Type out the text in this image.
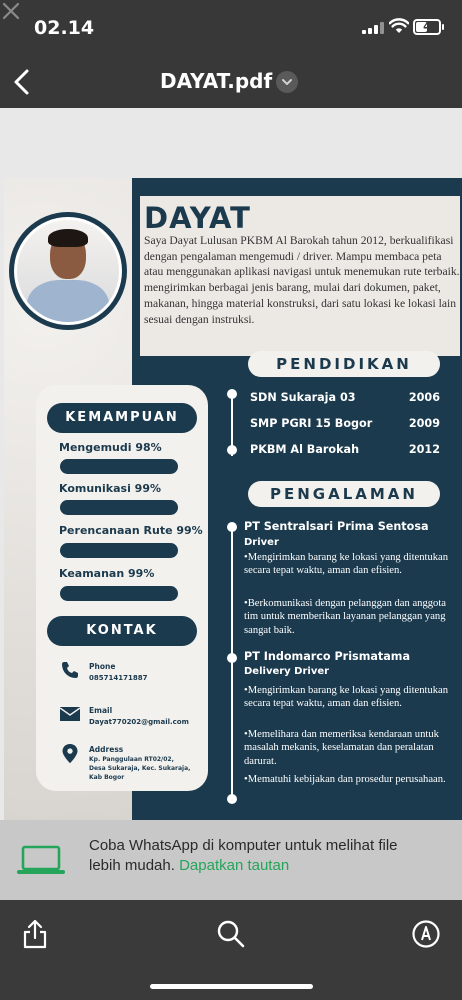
02.14	4
DAYAT.pdf
DAYAT
Saya Dayat Lulusan PKBM Al Barokah tahun 2012, berkualifikasi dengan pengalaman mengemudi / driver. Mampu membaca peta atau menggunakan aplikasi navigasi untuk menemukan rute terbaik. mengirimkan berbagai jenis barang, mulai dari dokumen, paket, makanan, hingga material konstruksi, dari satu lokasi ke lokasi lain sesuai dengan instruksi.
KEMAMPUAN
Mengemudi 98%
Komunikasi 99%
Perencanaan Rute 99%
Keamanan 99%
KONTAK
Phone
085714171887
Email
Dayat770202@gmail.com
Address
Kp. Panggulaan RT02/02,
Desa Sukaraja, Kec. Sukaraja,
Kab Bogor
PENDIDIKAN
SDN Sukaraja 03	2006
SMP PGRI 15 Bogor	2009
PKBM Al Barokah	2012
PENGALAMAN
PT Sentralsari Prima Sentosa
Driver
•Mengirimkan barang ke lokasi yang ditentukan secara tepat waktu, aman dan efisien.
•Berkomunikasi dengan pelanggan dan anggota tim untuk memberikan layanan pelanggan yang sangat baik.
PT Indomarco Prismatama
Delivery Driver
•Mengirimkan barang ke lokasi yang ditentukan secara tepat waktu, aman dan efisien.
•Memelihara dan memeriksa kendaraan untuk masalah mekanis, keselamatan dan peralatan darurat.
•Mematuhi kebijakan dan prosedur perusahaan.
Coba WhatsApp di komputer untuk melihat file lebih mudah. Dapatkan tautan
